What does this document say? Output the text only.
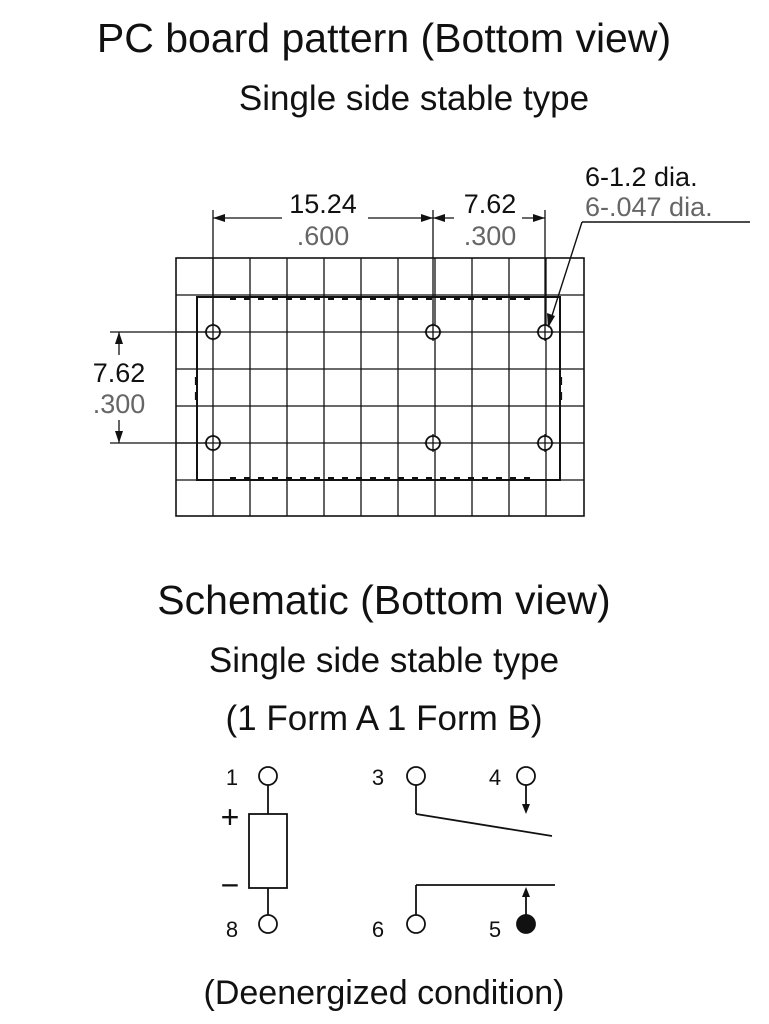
PC board pattern (Bottom view)
Single side stable type
15.24
.600
7.62
.300
6-1.2 dia.
6-.047 dia.
7.62
.300
Schematic (Bottom view)
Single side stable type
(1 Form A 1 Form B)
1
8
+
−
3	4
6	5
(Deenergized condition)
